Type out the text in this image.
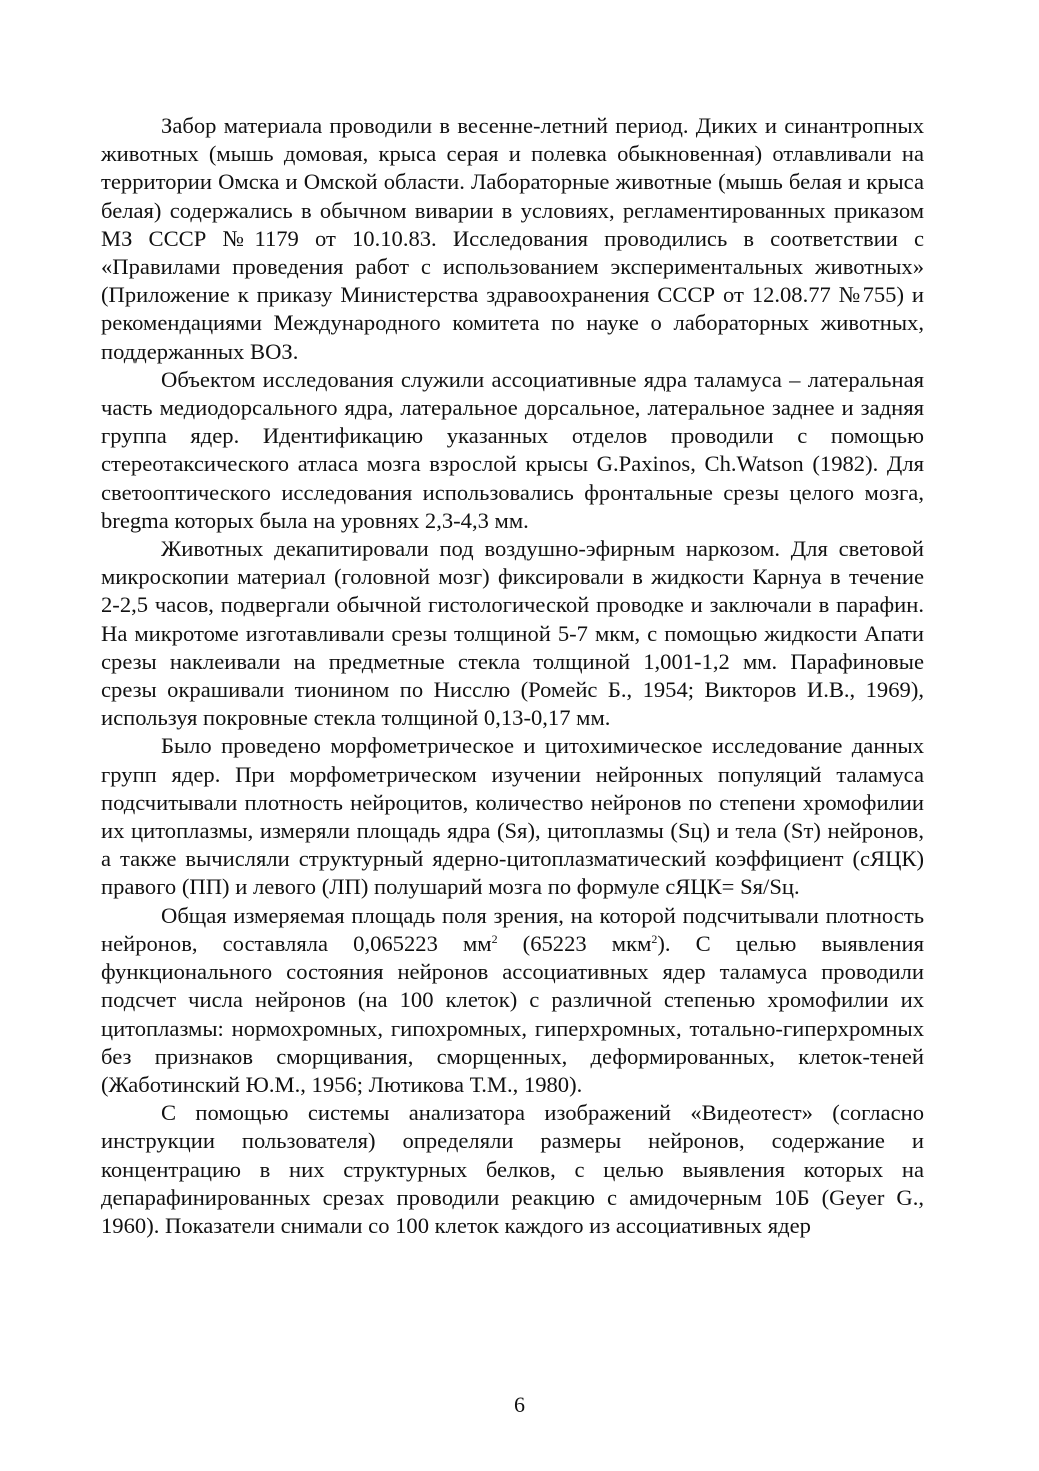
Забор материала проводили в весенне-летний период. Диких и синантропных животных (мышь домовая, крыса серая и полевка обыкновенная) отлавливали на территории Омска и Омской области. Лабораторные животные (мышь белая и крыса белая) содержались в обычном виварии в условиях, регламентированных приказом МЗ СССР №1179 от 10.10.83. Исследования проводились в соответствии с «Правилами проведения работ с использованием экспериментальных животных» (Приложение к приказу Министерства здравоохранения СССР от 12.08.77 №755) и рекомендациями Международного комитета по науке о лабораторных животных, поддержанных ВОЗ.

Объектом исследования служили ассоциативные ядра таламуса – латеральная часть медиодорсального ядра, латеральное дорсальное, латеральное заднее и задняя группа ядер. Идентификацию указанных отделов проводили с помощью стереотаксического атласа мозга взрослой крысы G.Paxinos, Ch.Watson (1982). Для светооптического исследования использовались фронтальные срезы целого мозга, bregma которых была на уровнях 2,3-4,3 мм.

Животных декапитировали под воздушно-эфирным наркозом. Для световой микроскопии материал (головной мозг) фиксировали в жидкости Карнуа в течение 2-2,5 часов, подвергали обычной гистологической проводке и заключали в парафин. На микротоме изготавливали срезы толщиной 5-7 мкм, с помощью жидкости Апати срезы наклеивали на предметные стекла толщиной 1,001-1,2 мм. Парафиновые срезы окрашивали тионином по Нисслю (Ромейс Б., 1954; Викторов И.В., 1969), используя покровные стекла толщиной 0,13-0,17 мм.

Было проведено морфометрическое и цитохимическое исследование данных групп ядер. При морфометрическом изучении нейронных популяций таламуса подсчитывали плотность нейроцитов, количество нейронов по степени хромофилии их цитоплазмы, измеряли площадь ядра (Sя), цитоплазмы (Sц) и тела (Sт) нейронов, а также вычисляли структурный ядерно-цитоплазматический коэффициент (сЯЦК) правого (ПП) и левого (ЛП) полушарий мозга по формуле сЯЦК= Sя/Sц.

Общая измеряемая площадь поля зрения, на которой подсчитывали плотность нейронов, составляла 0,065223 $мм^2$ (65223 мкм$^2$). С целью выявления функционального состояния нейронов ассоциативных ядер таламуса проводили подсчет числа нейронов (на 100 клеток) с различной степенью хромофилии их цитоплазмы: нормохромных, гипохромных, гиперхромных, тотально-гиперхромных без признаков сморщивания, сморщенных, деформированных, клеток-теней (Жаботинский Ю.М., 1956; Лютикова Т.М., 1980).

С помощью системы анализатора изображений «Видеотест» (согласно инструкции пользователя) определяли размеры нейронов, содержание и концентрацию в них структурных белков, с целью выявления которых на депарафинированных срезах проводили реакцию с амидочерным 10Б (Geyer G., 1960). Показатели снимали со 100 клеток каждого из ассоциативных ядер

6
